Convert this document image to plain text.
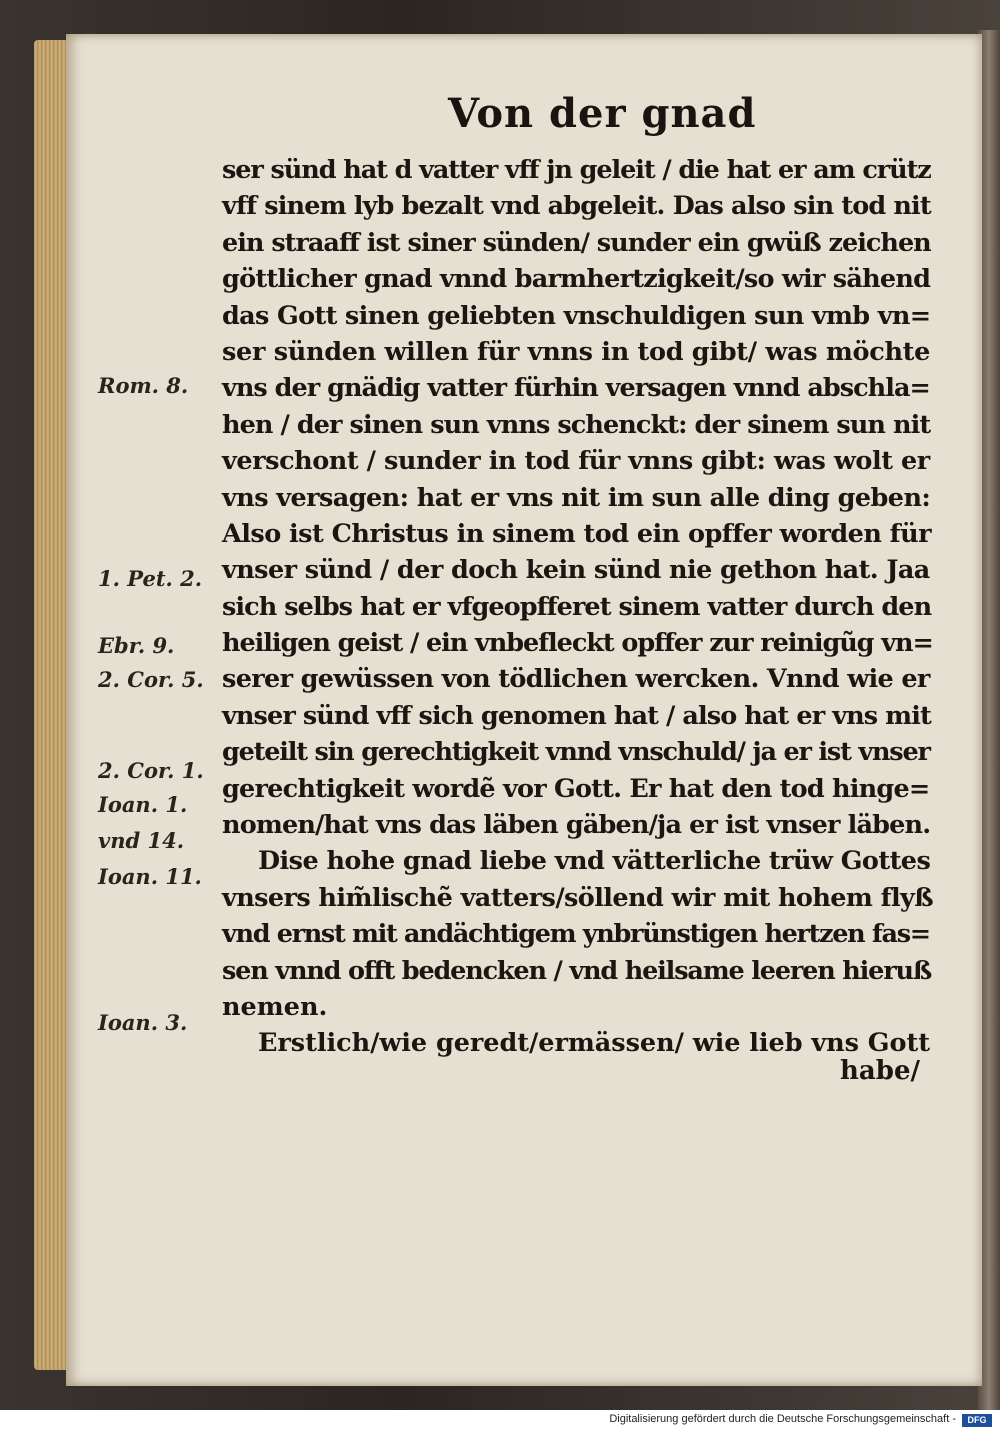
Von der gnad
ser sünd hat d vatter vff jn geleit / die hat er am crütz
vff sinem lyb bezalt vnd abgeleit. Das also sin tod nit
ein straaff ist siner sünden/ sunder ein gwüß zeichen
göttlicher gnad vnnd barmhertzigkeit/so wir sähend
das Gott sinen geliebten vnschuldigen sun vmb vn=
ser sünden willen für vnns in tod gibt/ was möchte
vns der gnädig vatter fürhin versagen vnnd abschla=
hen / der sinen sun vnns schenckt: der sinem sun nit
verschont / sunder in tod für vnns gibt: was wolt er
vns versagen: hat er vns nit im sun alle ding geben:
Also ist Christus in sinem tod ein opffer worden für
vnser sünd / der doch kein sünd nie gethon hat. Jaa
sich selbs hat er vfgeopfferet sinem vatter durch den
heiligen geist / ein vnbefleckt opffer zur reinigũg vn=
serer gewüssen von tödlichen wercken. Vnnd wie er
vnser sünd vff sich genomen hat / also hat er vns mit
geteilt sin gerechtigkeit vnnd vnschuld/ ja er ist vnser
gerechtigkeit wordẽ vor Gott. Er hat den tod hinge=
nomen/hat vns das läben gäben/ja er ist vnser läben.
Dise hohe gnad liebe vnd vätterliche trüw Gottes
vnsers him̃lischẽ vatters/söllend wir mit hohem flyß
vnd ernst mit andächtigem ynbrünstigen hertzen fas=
sen vnnd offt bedencken / vnd heilsame leeren hieruß
nemen.
Erstlich/wie geredt/ermässen/ wie lieb vns Gott
habe/
Rom. 8.
1. Pet. 2.
Ebr. 9.
2. Cor. 5.
2. Cor. 1.
Ioan. 1.
vnd 14.
Ioan. 11.
Ioan. 3.
Digitalisierung gefördert durch die Deutsche Forschungsgemeinschaft -	DFG
